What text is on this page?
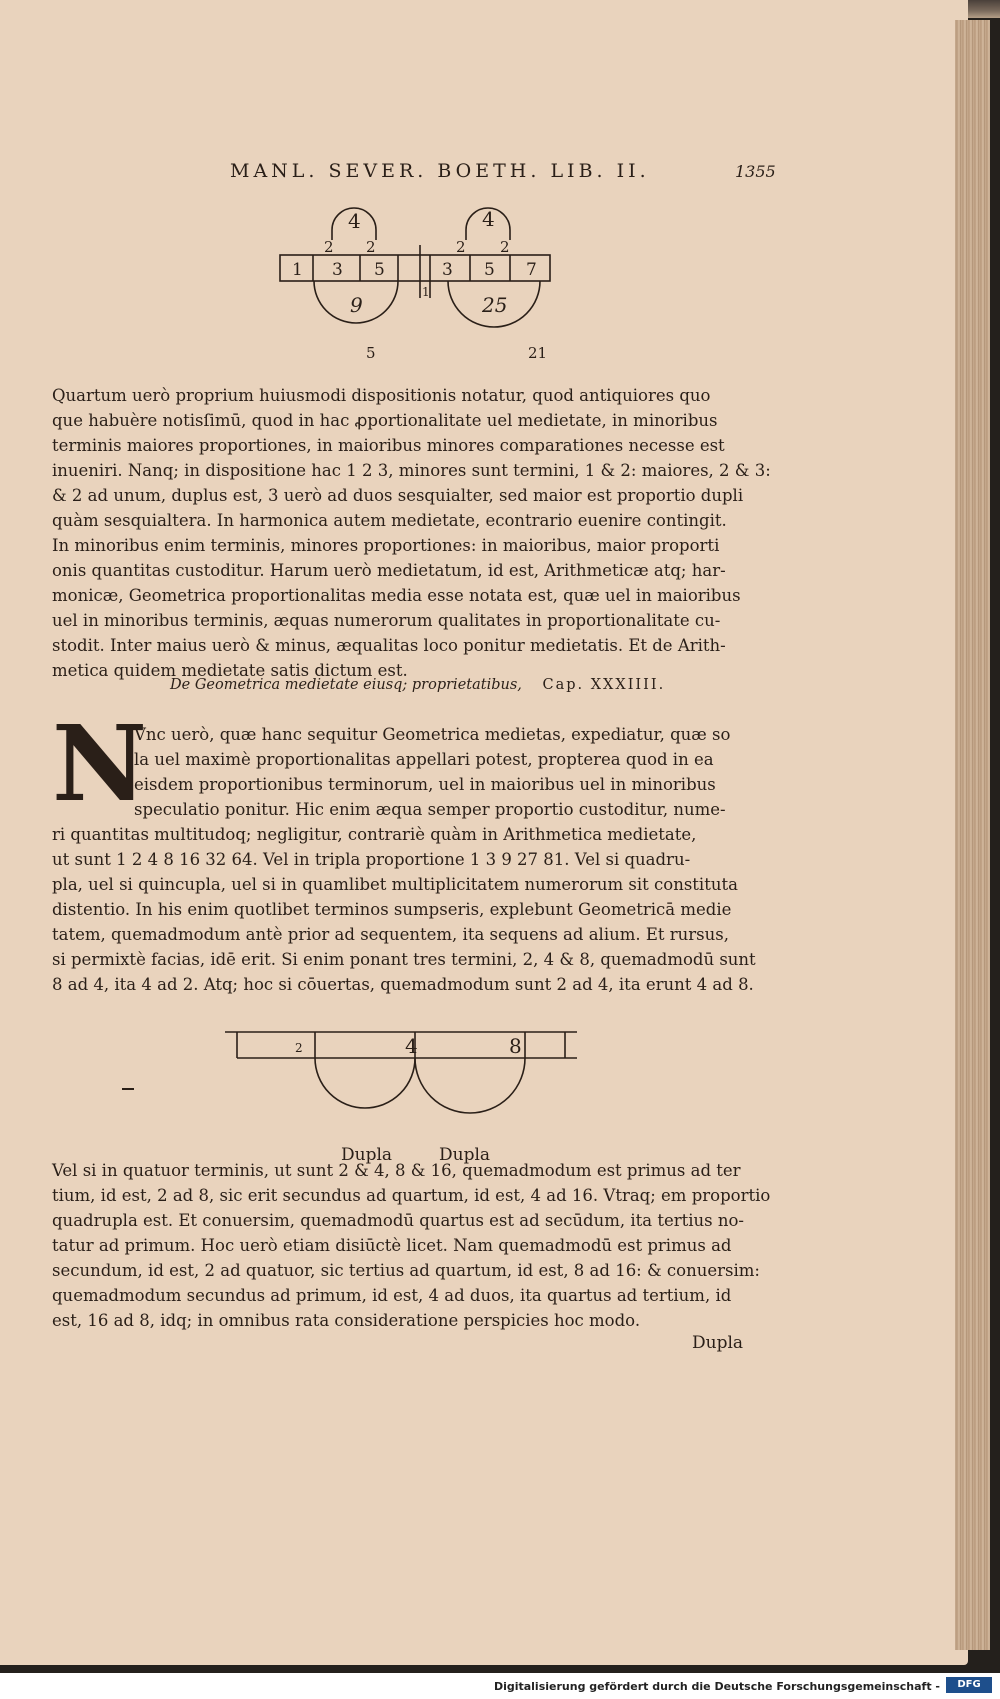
MANL. SEVER. BOETH. LIB. II.	1355
4	4
2 2	2 2
1 3 5	3 5 7
1
9	25
5	21
Quartum uerò proprium huiusmodi dispositionis notatur, quod antiquiores quo
que habuère notisſimū, quod in hac ꝓportionalitate uel medietate, in minoribus
terminis maiores proportiones, in maioribus minores comparationes necesse est
inueniri. Nanq; in dispositione hac 1 2 3, minores sunt termini, 1 & 2: maiores, 2 & 3:
& 2 ad unum, duplus est, 3 uerò ad duos sesquialter, sed maior est proportio dupli
quàm sesquialtera. In harmonica autem medietate, econtrario euenire contingit.
In minoribus enim terminis, minores proportiones: in maioribus, maior proporti
onis quantitas custoditur. Harum uerò medietatum, id est, Arithmeticæ atq; har-
monicæ, Geometrica proportionalitas media esse notata est, quæ uel in maioribus
uel in minoribus terminis, æquas numerorum qualitates in proportionalitate cu-
stodit. Inter maius uerò & minus, æqualitas loco ponitur medietatis. Et de Arith-
metica quidem medietate satis dictum est.
De Geometrica medietate eiusq; proprietatibus, Cap. XXXIIII.
N
Vnc uerò, quæ hanc sequitur Geometrica medietas, expediatur, quæ so
la uel maximè proportionalitas appellari potest, propterea quod in ea
eisdem proportionibus terminorum, uel in maioribus uel in minoribus
speculatio ponitur. Hic enim æqua semper proportio custoditur, nume-
ri quantitas multitudoq; negligitur, contrariè quàm in Arithmetica medietate,
ut sunt 1 2 4 8 16 32 64. Vel in tripla proportione 1 3 9 27 81. Vel si quadru-
pla, uel si quincupla, uel si in quamlibet multiplicitatem numerorum sit constituta
distentio. In his enim quotlibet terminos sumpseris, explebunt Geometricā medie
tatem, quemadmodum antè prior ad sequentem, ita sequens ad alium. Et rursus,
si permixtè facias, idē erit. Si enim ponant tres termini, 2, 4 & 8, quemadmodū sunt
8 ad 4, ita 4 ad 2. Atq; hoc si cōuertas, quemadmodum sunt 2 ad 4, ita erunt 4 ad 8.
2	4	8
Dupla	Dupla
Vel si in quatuor terminis, ut sunt 2 & 4, 8 & 16, quemadmodum est primus ad ter
tium, id est, 2 ad 8, sic erit secundus ad quartum, id est, 4 ad 16. Vtraq; em proportio
quadrupla est. Et conuersim, quemadmodū quartus est ad secūdum, ita tertius no-
tatur ad primum. Hoc uerò etiam disiūctè licet. Nam quemadmodū est primus ad
secundum, id est, 2 ad quatuor, sic tertius ad quartum, id est, 8 ad 16: & conuersim:
quemadmodum secundus ad primum, id est, 4 ad duos, ita quartus ad tertium, id
est, 16 ad 8, idq; in omnibus rata consideratione perspicies hoc modo.
Dupla
Digitalisierung gefördert durch die Deutsche Forschungsgemeinschaft -	DFG
